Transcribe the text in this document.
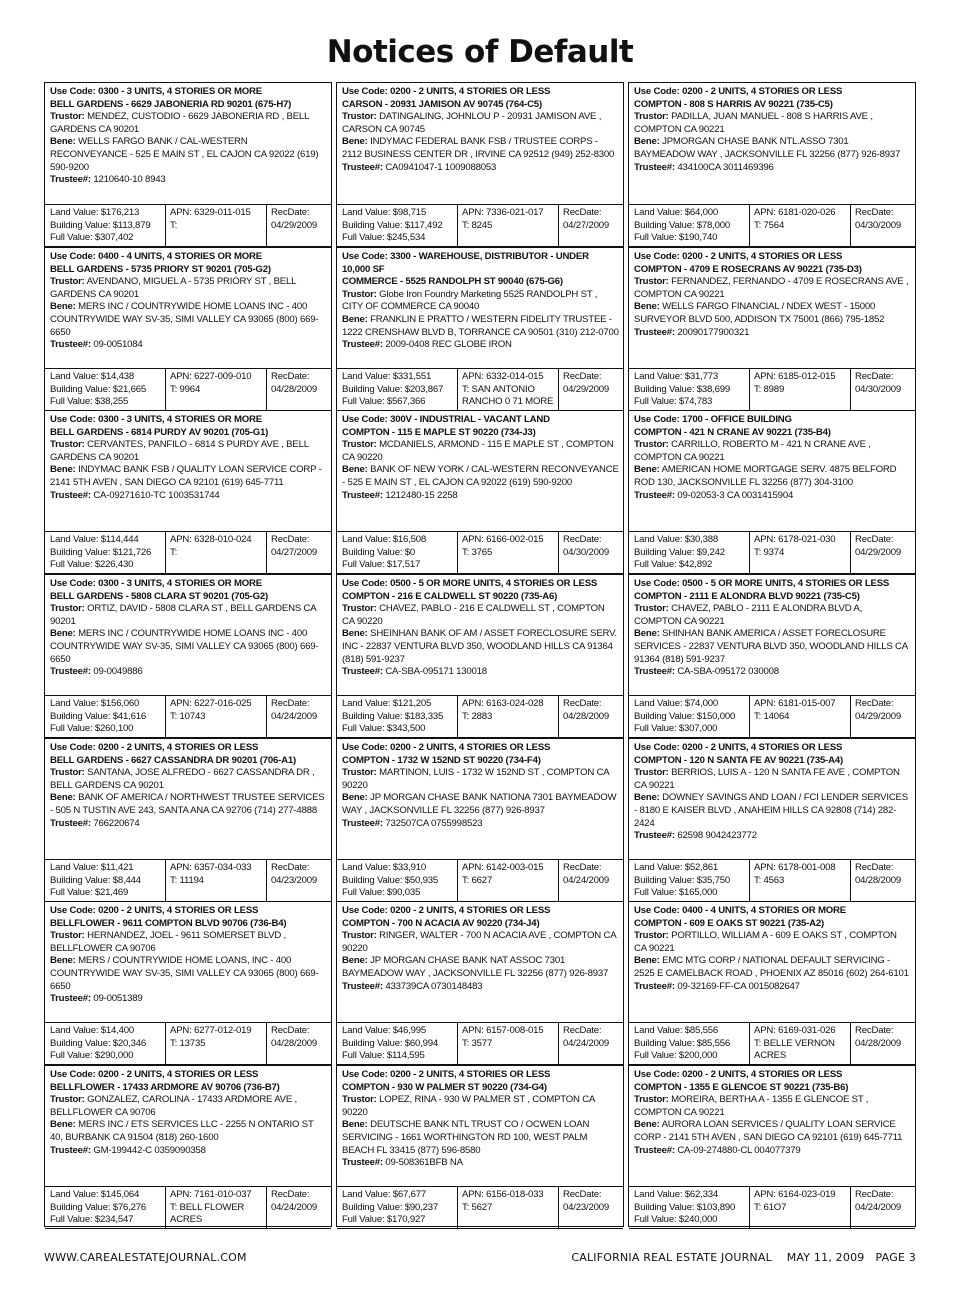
Notices of Default
Use Code: 0300 - 3 UNITS, 4 STORIES OR MORE
BELL GARDENS - 6629 JABONERIA RD 90201 (675-H7)
Trustor: MENDEZ, CUSTODIO - 6629 JABONERIA RD , BELL GARDENS CA 90201
Bene: WELLS FARGO BANK / CAL-WESTERN RECONVEYANCE - 525 E MAIN ST , EL CAJON CA 92022 (619) 590-9200
Trustee#: 1210640-10 8943
Land Value: $176,213
Building Value: $113,879
Full Value: $307,402
APN: 6329-011-015
T:
RecDate:
04/29/2009
Use Code: 0400 - 4 UNITS, 4 STORIES OR MORE
BELL GARDENS - 5735 PRIORY ST 90201 (705-G2)
Trustor: AVENDANO, MIGUEL A - 5735 PRIORY ST , BELL GARDENS CA 90201
Bene: MERS INC / COUNTRYWIDE HOME LOANS INC - 400 COUNTRYWIDE WAY SV-35, SIMI VALLEY CA 93065 (800) 669-6650
Trustee#: 09-0051084
Land Value: $14,438
Building Value: $21,665
Full Value: $38,255
APN: 6227-009-010
T: 9964
RecDate:
04/28/2009
Use Code: 0300 - 3 UNITS, 4 STORIES OR MORE
BELL GARDENS - 6814 PURDY AV 90201 (705-G1)
Trustor: CERVANTES, PANFILO - 6814 S PURDY AVE , BELL GARDENS CA 90201
Bene: INDYMAC BANK FSB / QUALITY LOAN SERVICE CORP - 2141 5TH AVEN , SAN DIEGO CA 92101 (619) 645-7711
Trustee#: CA-09271610-TC 1003531744
Land Value: $114,444
Building Value: $121,726
Full Value: $226,430
APN: 6328-010-024
T:
RecDate:
04/27/2009
Use Code: 0300 - 3 UNITS, 4 STORIES OR MORE
BELL GARDENS - 5808 CLARA ST 90201 (705-G2)
Trustor: ORTIZ, DAVID - 5808 CLARA ST , BELL GARDENS CA 90201
Bene: MERS INC / COUNTRYWIDE HOME LOANS INC - 400 COUNTRYWIDE WAY SV-35, SIMI VALLEY CA 93065 (800) 669-6650
Trustee#: 09-0049886
Land Value: $156,060
Building Value: $41,616
Full Value: $260,100
APN: 6227-016-025
T: 10743
RecDate:
04/24/2009
Use Code: 0200 - 2 UNITS, 4 STORIES OR LESS
BELL GARDENS - 6627 CASSANDRA DR 90201 (706-A1)
Trustor: SANTANA, JOSE ALFREDO - 6627 CASSANDRA DR , BELL GARDENS CA 90201
Bene: BANK OF AMERICA / NORTHWEST TRUSTEE SERVICES - 505 N TUSTIN AVE 243, SANTA ANA CA 92706 (714) 277-4888
Trustee#: 766220674
Land Value: $11,421
Building Value: $8,444
Full Value: $21,469
APN: 6357-034-033
T: 11194
RecDate:
04/23/2009
Use Code: 0200 - 2 UNITS, 4 STORIES OR LESS
BELLFLOWER - 9611 COMPTON BLVD 90706 (736-B4)
Trustor: HERNANDEZ, JOEL - 9611 SOMERSET BLVD , BELLFLOWER CA 90706
Bene: MERS / COUNTRYWIDE HOME LOANS, INC - 400 COUNTRYWIDE WAY SV-35, SIMI VALLEY CA 93065 (800) 669-6650
Trustee#: 09-0051389
Land Value: $14,400
Building Value: $20,346
Full Value: $290,000
APN: 6277-012-019
T: 13735
RecDate:
04/28/2009
Use Code: 0200 - 2 UNITS, 4 STORIES OR LESS
BELLFLOWER - 17433 ARDMORE AV 90706 (736-B7)
Trustor: GONZALEZ, CAROLINA - 17433 ARDMORE AVE , BELLFLOWER CA 90706
Bene: MERS INC / ETS SERVICES LLC - 2255 N ONTARIO ST 40, BURBANK CA 91504 (818) 260-1600
Trustee#: GM-199442-C 0359090358
Land Value: $145,064
Building Value: $76,276
Full Value: $234,547
APN: 7161-010-037
T: BELL FLOWER ACRES
RecDate:
04/24/2009
Use Code: 0200 - 2 UNITS, 4 STORIES OR LESS
CARSON - 20931 JAMISON AV 90745 (764-C5)
Trustor: DATINGALING, JOHNLOU P - 20931 JAMISON AVE , CARSON CA 90745
Bene: INDYMAC FEDERAL BANK FSB / TRUSTEE CORPS - 2112 BUSINESS CENTER DR , IRVINE CA 92512 (949) 252-8300
Trustee#: CA0941047-1 1009088053
Land Value: $98,715
Building Value: $117,492
Full Value: $245,534
APN: 7336-021-017
T: 8245
RecDate:
04/27/2009
Use Code: 3300 - WAREHOUSE, DISTRIBUTOR - UNDER 10,000 SF
COMMERCE - 5525 RANDOLPH ST 90040 (675-G6)
Trustor: Globe Iron Foundry Marketing 5525 RANDOLPH ST , CITY OF COMMERCE CA 90040
Bene: FRANKLIN E PRATTO / WESTERN FIDELITY TRUSTEE - 1222 CRENSHAW BLVD B, TORRANCE CA 90501 (310) 212-0700
Trustee#: 2009-0408 REC GLOBE IRON
Land Value: $331,551
Building Value: $203,867
Full Value: $567,366
APN: 6332-014-015
T: SAN ANTONIO RANCHO 0 71 MORE
RecDate:
04/29/2009
Use Code: 300V - INDUSTRIAL - VACANT LAND
COMPTON - 115 E MAPLE ST 90220 (734-J3)
Trustor: MCDANIELS, ARMOND - 115 E MAPLE ST , COMPTON CA 90220
Bene: BANK OF NEW YORK / CAL-WESTERN RECONVEYANCE - 525 E MAIN ST , EL CAJON CA 92022 (619) 590-9200
Trustee#: 1212480-15 2258
Land Value: $16,508
Building Value: $0
Full Value: $17,517
APN: 6166-002-015
T: 3765
RecDate:
04/30/2009
Use Code: 0500 - 5 OR MORE UNITS, 4 STORIES OR LESS
COMPTON - 216 E CALDWELL ST 90220 (735-A6)
Trustor: CHAVEZ, PABLO - 216 E CALDWELL ST , COMPTON CA 90220
Bene: SHEINHAN BANK OF AM / ASSET FORECLOSURE SERV. INC - 22837 VENTURA BLVD 350, WOODLAND HILLS CA 91364 (818) 591-9237
Trustee#: CA-SBA-095171 130018
Land Value: $121,205
Building Value: $183,335
Full Value: $343,500
APN: 6163-024-028
T: 2883
RecDate:
04/28/2009
Use Code: 0200 - 2 UNITS, 4 STORIES OR LESS
COMPTON - 1732 W 152ND ST 90220 (734-F4)
Trustor: MARTINON, LUIS - 1732 W 152ND ST , COMPTON CA 90220
Bene: JP MORGAN CHASE BANK NATIONA 7301 BAYMEADOW WAY , JACKSONVILLE FL 32256 (877) 926-8937
Trustee#: 732507CA 0755998523
Land Value: $33,910
Building Value: $50,935
Full Value: $90,035
APN: 6142-003-015
T: 6627
RecDate:
04/24/2009
Use Code: 0200 - 2 UNITS, 4 STORIES OR LESS
COMPTON - 700 N ACACIA AV 90220 (734-J4)
Trustor: RINGER, WALTER - 700 N ACACIA AVE , COMPTON CA 90220
Bene: JP MORGAN CHASE BANK NAT ASSOC 7301 BAYMEADOW WAY , JACKSONVILLE FL 32256 (877) 926-8937
Trustee#: 433739CA 0730148483
Land Value: $46,995
Building Value: $60,994
Full Value: $114,595
APN: 6157-008-015
T: 3577
RecDate:
04/24/2009
Use Code: 0200 - 2 UNITS, 4 STORIES OR LESS
COMPTON - 930 W PALMER ST 90220 (734-G4)
Trustor: LOPEZ, RINA - 930 W PALMER ST , COMPTON CA 90220
Bene: DEUTSCHE BANK NTL TRUST CO / OCWEN LOAN SERVICING - 1661 WORTHINGTON RD 100, WEST PALM BEACH FL 33415 (877) 596-8580
Trustee#: 09-508361BFB NA
Land Value: $67,677
Building Value: $90,237
Full Value: $170,927
APN: 6156-018-033
T: 5627
RecDate:
04/23/2009
Use Code: 0200 - 2 UNITS, 4 STORIES OR LESS
COMPTON - 808 S HARRIS AV 90221 (735-C5)
Trustor: PADILLA, JUAN MANUEL - 808 S HARRIS AVE , COMPTON CA 90221
Bene: JPMORGAN CHASE BANK NTL.ASSO 7301 BAYMEADOW WAY , JACKSONVILLE FL 32256 (877) 926-8937
Trustee#: 434100CA 3011469396
Land Value: $64,000
Building Value: $78,000
Full Value: $190,740
APN: 6181-020-026
T: 7564
RecDate:
04/30/2009
Use Code: 0200 - 2 UNITS, 4 STORIES OR LESS
COMPTON - 4709 E ROSECRANS AV 90221 (735-D3)
Trustor: FERNANDEZ, FERNANDO - 4709 E ROSECRANS AVE , COMPTON CA 90221
Bene: WELLS FARGO FINANCIAL / NDEX WEST - 15000 SURVEYOR BLVD 500, ADDISON TX 75001 (866) 795-1852
Trustee#: 20090177900321
Land Value: $31,773
Building Value: $38,699
Full Value: $74,783
APN: 6185-012-015
T: 8989
RecDate:
04/30/2009
Use Code: 1700 - OFFICE BUILDING
COMPTON - 421 N CRANE AV 90221 (735-B4)
Trustor: CARRILLO, ROBERTO M - 421 N CRANE AVE , COMPTON CA 90221
Bene: AMERICAN HOME MORTGAGE SERV. 4875 BELFORD ROD 130, JACKSONVILLE FL 32256 (877) 304-3100
Trustee#: 09-02053-3 CA 0031415904
Land Value: $30,388
Building Value: $9,242
Full Value: $42,892
APN: 6178-021-030
T: 9374
RecDate:
04/29/2009
Use Code: 0500 - 5 OR MORE UNITS, 4 STORIES OR LESS
COMPTON - 2111 E ALONDRA BLVD 90221 (735-C5)
Trustor: CHAVEZ, PABLO - 2111 E ALONDRA BLVD A, COMPTON CA 90221
Bene: SHINHAN BANK AMERICA / ASSET FORECLOSURE SERVICES - 22837 VENTURA BLVD 350, WOODLAND HILLS CA 91364 (818) 591-9237
Trustee#: CA-SBA-095172 030008
Land Value: $74,000
Building Value: $150,000
Full Value: $307,000
APN: 6181-015-007
T: 14064
RecDate:
04/29/2009
Use Code: 0200 - 2 UNITS, 4 STORIES OR LESS
COMPTON - 120 N SANTA FE AV 90221 (735-A4)
Trustor: BERRIOS, LUIS A - 120 N SANTA FE AVE , COMPTON CA 90221
Bene: DOWNEY SAVINGS AND LOAN / FCI LENDER SERVICES - 8180 E KAISER BLVD , ANAHEIM HILLS CA 92808 (714) 282-2424
Trustee#: 62598 9042423772
Land Value: $52,861
Building Value: $35,750
Full Value: $165,000
APN: 6178-001-008
T: 4563
RecDate:
04/28/2009
Use Code: 0400 - 4 UNITS, 4 STORIES OR MORE
COMPTON - 609 E OAKS ST 90221 (735-A2)
Trustor: PORTILLO, WILLIAM A - 609 E OAKS ST , COMPTON CA 90221
Bene: EMC MTG CORP / NATIONAL DEFAULT SERVICING - 2525 E CAMELBACK ROAD , PHOENIX AZ 85016 (602) 264-6101
Trustee#: 09-32169-FF-CA 0015082647
Land Value: $85,556
Building Value: $85,556
Full Value: $200,000
APN: 6169-031-026
T: BELLE VERNON ACRES
RecDate:
04/28/2009
Use Code: 0200 - 2 UNITS, 4 STORIES OR LESS
COMPTON - 1355 E GLENCOE ST 90221 (735-B6)
Trustor: MOREIRA, BERTHA A - 1355 E GLENCOE ST , COMPTON CA 90221
Bene: AURORA LOAN SERVICES / QUALITY LOAN SERVICE CORP - 2141 5TH AVEN , SAN DIEGO CA 92101 (619) 645-7711
Trustee#: CA-09-274880-CL 004077379
Land Value: $62,334
Building Value: $103,890
Full Value: $240,000
APN: 6164-023-019
T: 61O7
RecDate:
04/24/2009
WWW.CAREALESTATEJOURNAL.COM	CALIFORNIA REAL ESTATE JOURNAL    MAY 11, 2009   PAGE 3
